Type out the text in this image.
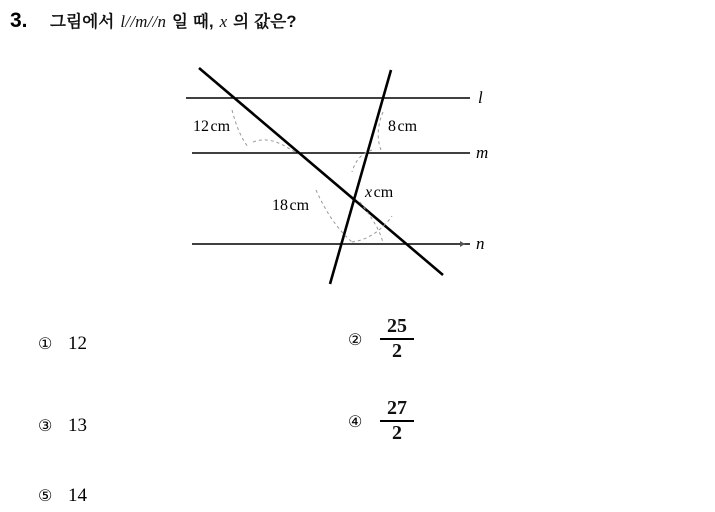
3.	그림에서 l//m//n 일 때, x 의 값은?
l
m
n
12cm	8cm
18cm
xcm
① 12	② $\frac{25}{2}$
③ 13	④ $\frac{27}{2}$
⑤ 14
